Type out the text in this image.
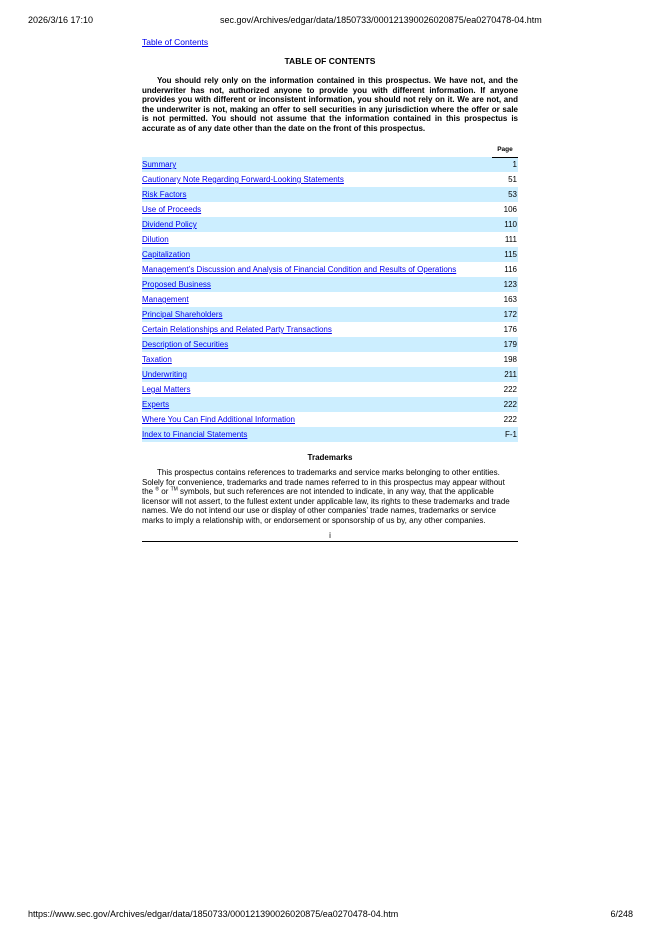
2026/3/16 17:10	sec.gov/Archives/edgar/data/1850733/000121390026020875/ea0270478-04.htm
Table of Contents
TABLE OF CONTENTS

You should rely only on the information contained in this prospectus. We have not, and the underwriter has not, authorized anyone to provide you with different information. If anyone provides you with different or inconsistent information, you should not rely on it. We are not, and the underwriter is not, making an offer to sell securities in any jurisdiction where the offer or sale is not permitted. You should not assume that the information contained in this prospectus is accurate as of any date other than the date on the front of this prospectus.

	Page
Summary	1
Cautionary Note Regarding Forward-Looking Statements	51
Risk Factors	53
Use of Proceeds	106
Dividend Policy	110
Dilution	111
Capitalization	115
Management’s Discussion and Analysis of Financial Condition and Results of Operations	116
Proposed Business	123
Management	163
Principal Shareholders	172
Certain Relationships and Related Party Transactions	176
Description of Securities	179
Taxation	198
Underwriting	211
Legal Matters	222
Experts	222
Where You Can Find Additional Information	222
Index to Financial Statements	F-1
Trademarks

This prospectus contains references to trademarks and service marks belonging to other entities. Solely for convenience, trademarks and trade names referred to in this prospectus may appear without the ® or ™ symbols, but such references are not intended to indicate, in any way, that the applicable licensor will not assert, to the fullest extent under applicable law, its rights to these trademarks and trade names. We do not intend our use or display of other companies’ trade names, trademarks or service marks to imply a relationship with, or endorsement or sponsorship of us by, any other companies.

i
https://www.sec.gov/Archives/edgar/data/1850733/000121390026020875/ea0270478-04.htm	6/248
